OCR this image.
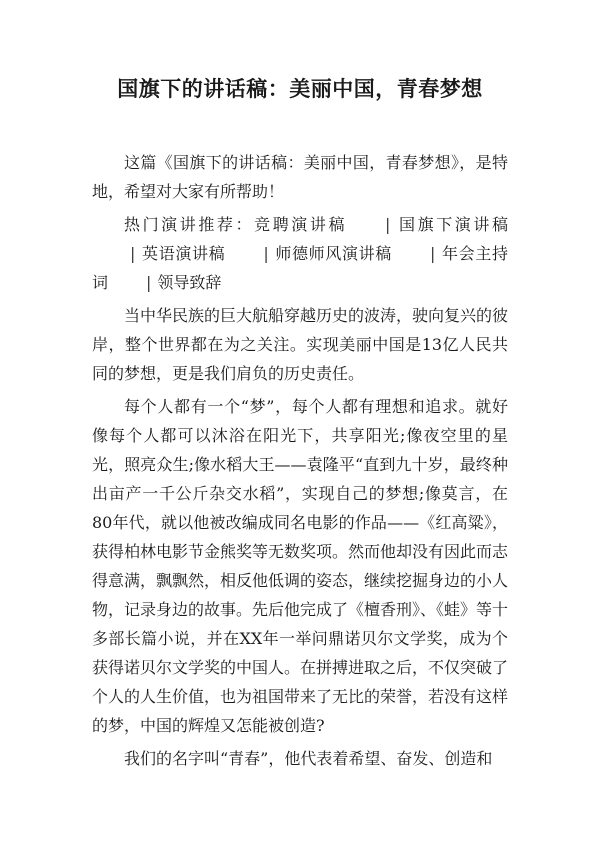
国旗下的讲话稿：美丽中国，青春梦想

这篇《国旗下的讲话稿：美丽中国，青春梦想》，是特地，希望对大家有所帮助！

热门演讲推荐：竞聘演讲稿 | 国旗下演讲稿| 英语演讲稿 | 师德师风演讲稿 | 年会主持词 | 领导致辞

当中华民族的巨大航船穿越历史的波涛，驶向复兴的彼岸，整个世界都在为之关注。实现美丽中国是13亿人民共同的梦想，更是我们肩负的历史责任。

每个人都有一个“梦”，每个人都有理想和追求。就好像每个人都可以沐浴在阳光下，共享阳光;像夜空里的星光，照亮众生;像水稻大王——袁隆平“直到九十岁，最终种出亩产一千公斤杂交水稻”，实现自己的梦想;像莫言，在80年代，就以他被改编成同名电影的作品——《红高粱》，获得柏林电影节金熊奖等无数奖项。然而他却没有因此而志得意满，飘飘然，相反他低调的姿态，继续挖掘身边的小人物，记录身边的故事。先后他完成了《檀香刑》、《蛙》等十多部长篇小说，并在XX年一举问鼎诺贝尔文学奖，成为个获得诺贝尔文学奖的中国人。在拼搏进取之后，不仅突破了个人的人生价值，也为祖国带来了无比的荣誉，若没有这样的梦，中国的辉煌又怎能被创造?

我们的名字叫“青春”，他代表着希望、奋发、创造和
